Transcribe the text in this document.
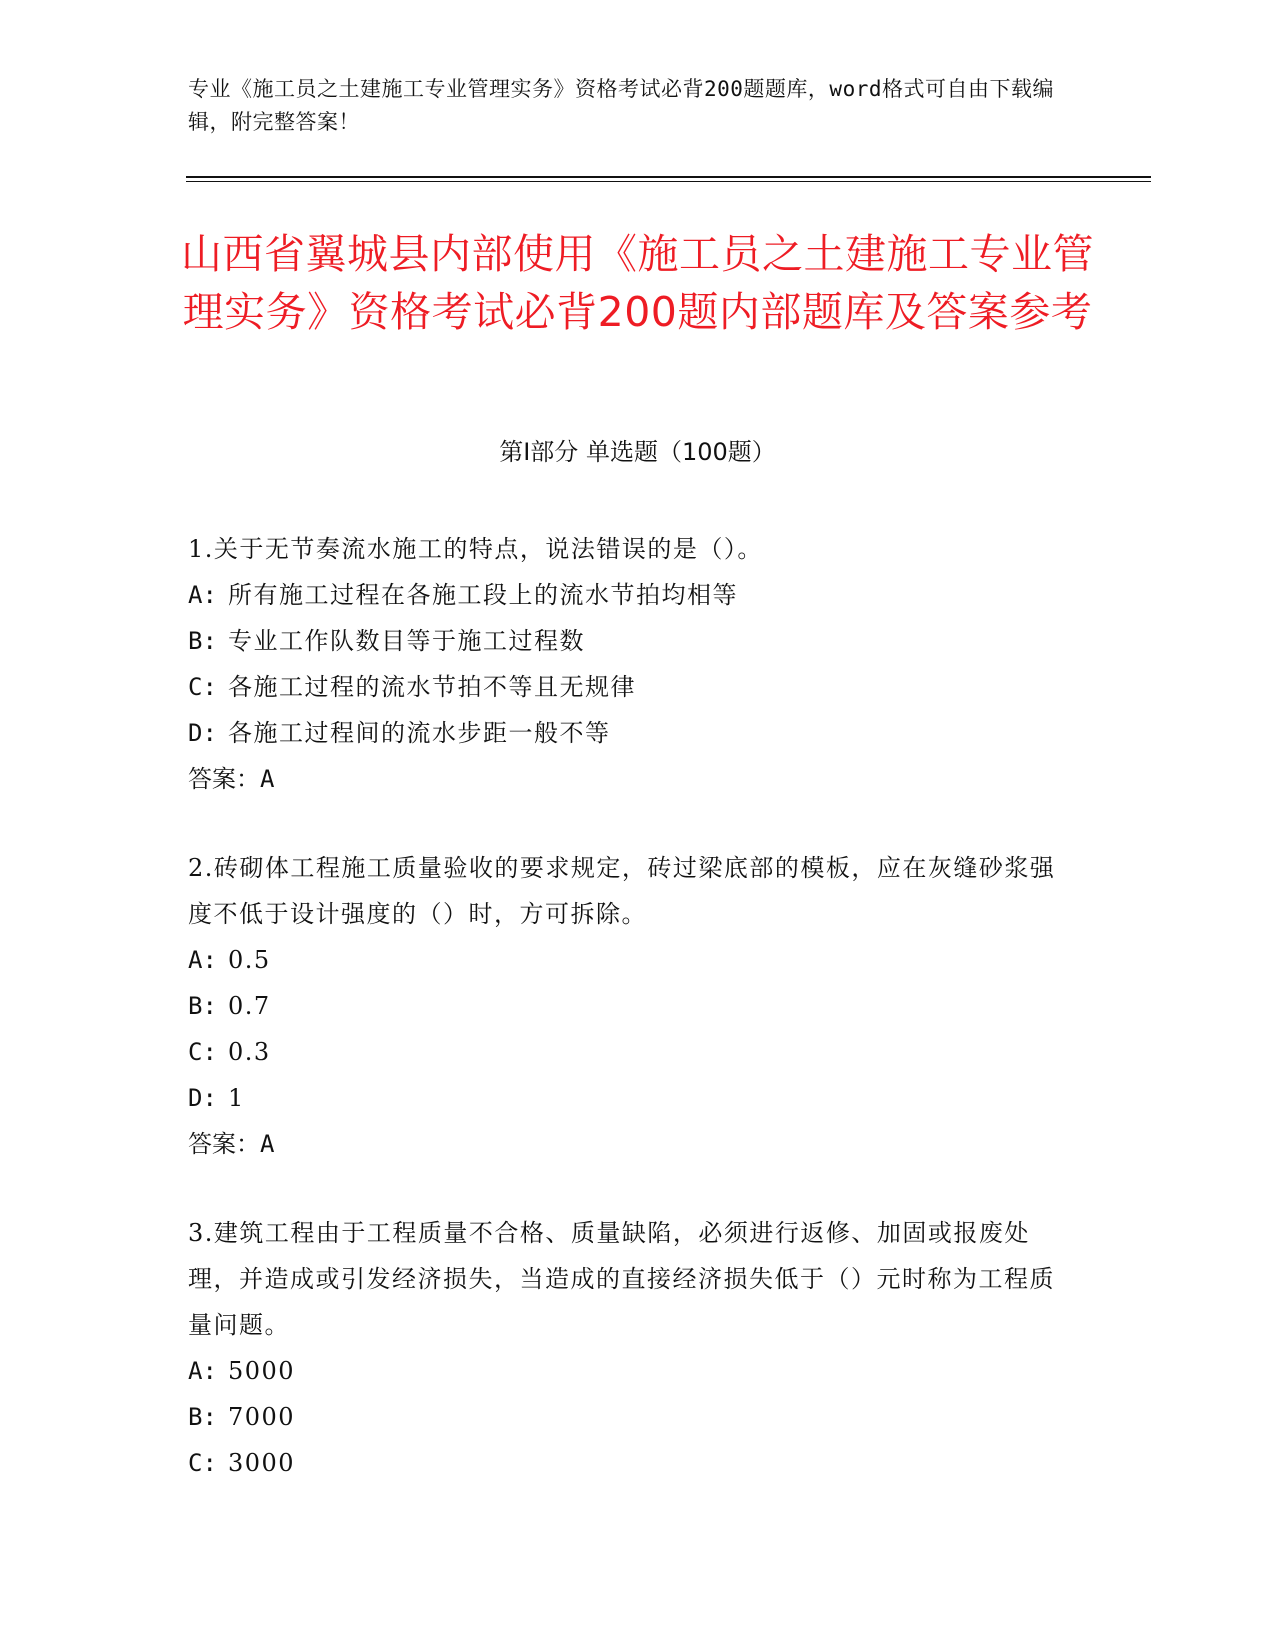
专业《施工员之土建施工专业管理实务》资格考试必背200题题库，word格式可自由下载编辑，附完整答案！
山西省翼城县内部使用《施工员之土建施工专业管理实务》资格考试必背200题内部题库及答案参考
第I部分 单选题（100题）
1.关于无节奏流水施工的特点，说法错误的是（）。
A: 所有施工过程在各施工段上的流水节拍均相等
B: 专业工作队数目等于施工过程数
C: 各施工过程的流水节拍不等且无规律
D: 各施工过程间的流水步距一般不等
答案：A
2.砖砌体工程施工质量验收的要求规定，砖过梁底部的模板，应在灰缝砂浆强度不低于设计强度的（）时，方可拆除。
A: 0.5
B: 0.7
C: 0.3
D: 1
答案：A
3.建筑工程由于工程质量不合格、质量缺陷，必须进行返修、加固或报废处理，并造成或引发经济损失，当造成的直接经济损失低于（）元时称为工程质量问题。
A: 5000
B: 7000
C: 3000
